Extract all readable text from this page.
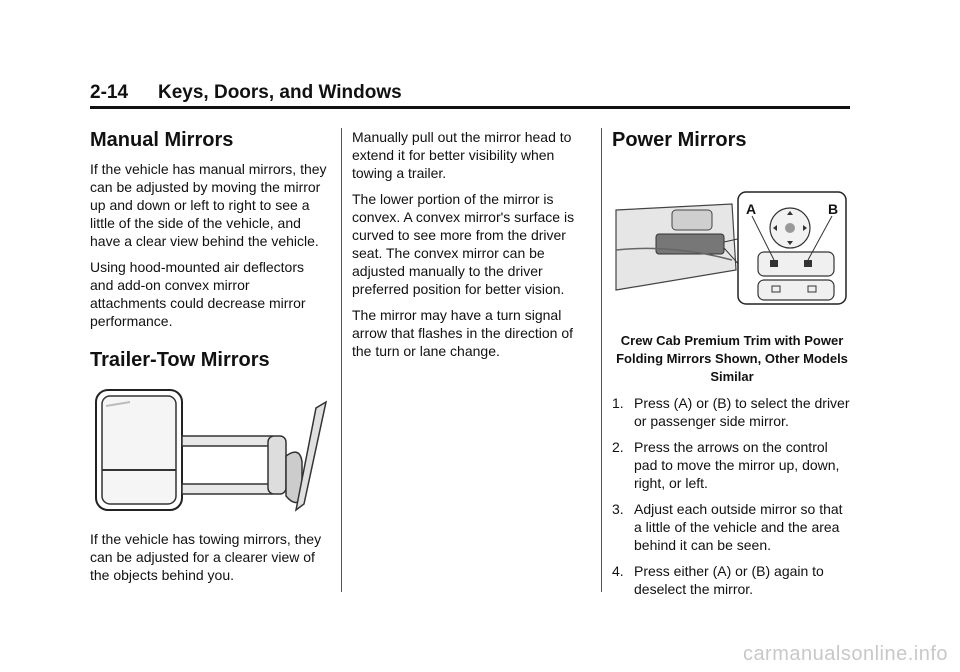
2-14 Keys, Doors, and Windows
Manual Mirrors

If the vehicle has manual mirrors, they can be adjusted by moving the mirror up and down or left to right to see a little of the side of the vehicle, and have a clear view behind the vehicle.

Using hood-mounted air deflectors and add-on convex mirror attachments could decrease mirror performance.

Trailer-Tow Mirrors

If the vehicle has towing mirrors, they can be adjusted for a clearer view of the objects behind you.

Manually pull out the mirror head to extend it for better visibility when towing a trailer.

The lower portion of the mirror is convex. A convex mirror's surface is curved to see more from the driver seat. The convex mirror can be adjusted manually to the driver preferred position for better vision.

The mirror may have a turn signal arrow that flashes in the direction of the turn or lane change.

Power Mirrors
A	B
Crew Cab Premium Trim with Power Folding Mirrors Shown, Other Models Similar
1. Press (A) or (B) to select the driver or passenger side mirror.
2. Press the arrows on the control pad to move the mirror up, down, right, or left.
3. Adjust each outside mirror so that a little of the vehicle and the area behind it can be seen.
4. Press either (A) or (B) again to deselect the mirror.
carmanualsonline.info
